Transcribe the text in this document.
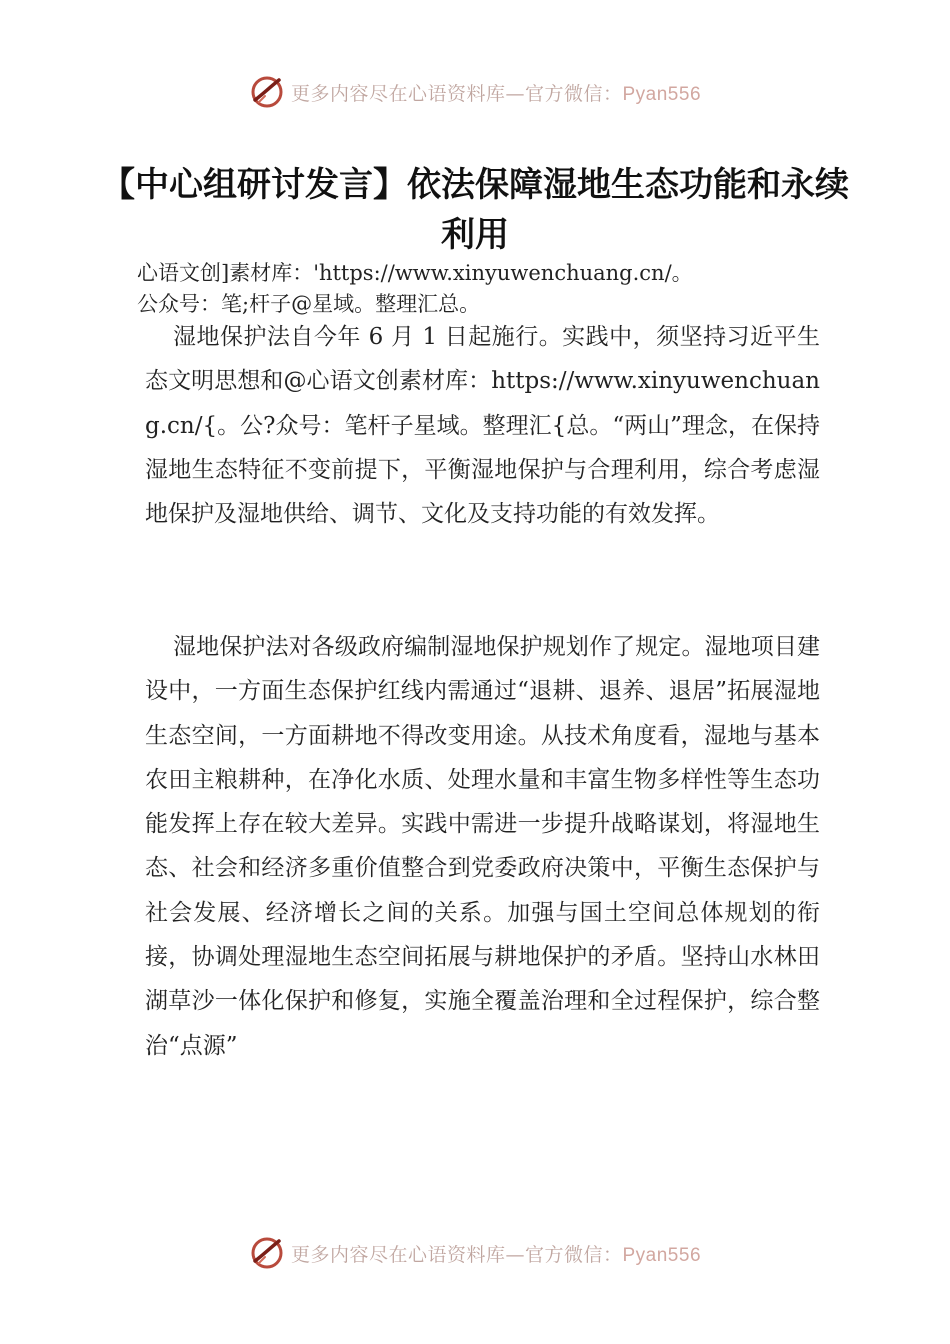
更多内容尽在心语资料库—官方微信：Pyan556
【中心组研讨发言】依法保障湿地生态功能和永续利用
心语文创]素材库：'https://www.xinyuwenchuang.cn/。
公众号：笔;杆子@星域。整理汇总。
湿地保护法自今年 6 月 1 日起施行。实践中，须坚持习近平生态文明思想和@心语文创素材库：https://www.xinyuwenchuang.cn/{。公?众号：笔杆子星域。整理汇{总。“两山”理念，在保持湿地生态特征不变前提下，平衡湿地保护与合理利用，综合考虑湿地保护及湿地供给、调节、文化及支持功能的有效发挥。
湿地保护法对各级政府编制湿地保护规划作了规定。湿地项目建设中，一方面生态保护红线内需通过“退耕、退养、退居”拓展湿地生态空间，一方面耕地不得改变用途。从技术角度看，湿地与基本农田主粮耕种，在净化水质、处理水量和丰富生物多样性等生态功能发挥上存在较大差异。实践中需进一步提升战略谋划，将湿地生态、社会和经济多重价值整合到党委政府决策中，平衡生态保护与社会发展、经济增长之间的关系。加强与国土空间总体规划的衔接，协调处理湿地生态空间拓展与耕地保护的矛盾。坚持山水林田湖草沙一体化保护和修复，实施全覆盖治理和全过程保护，综合整治“点源”
更多内容尽在心语资料库—官方微信：Pyan556
